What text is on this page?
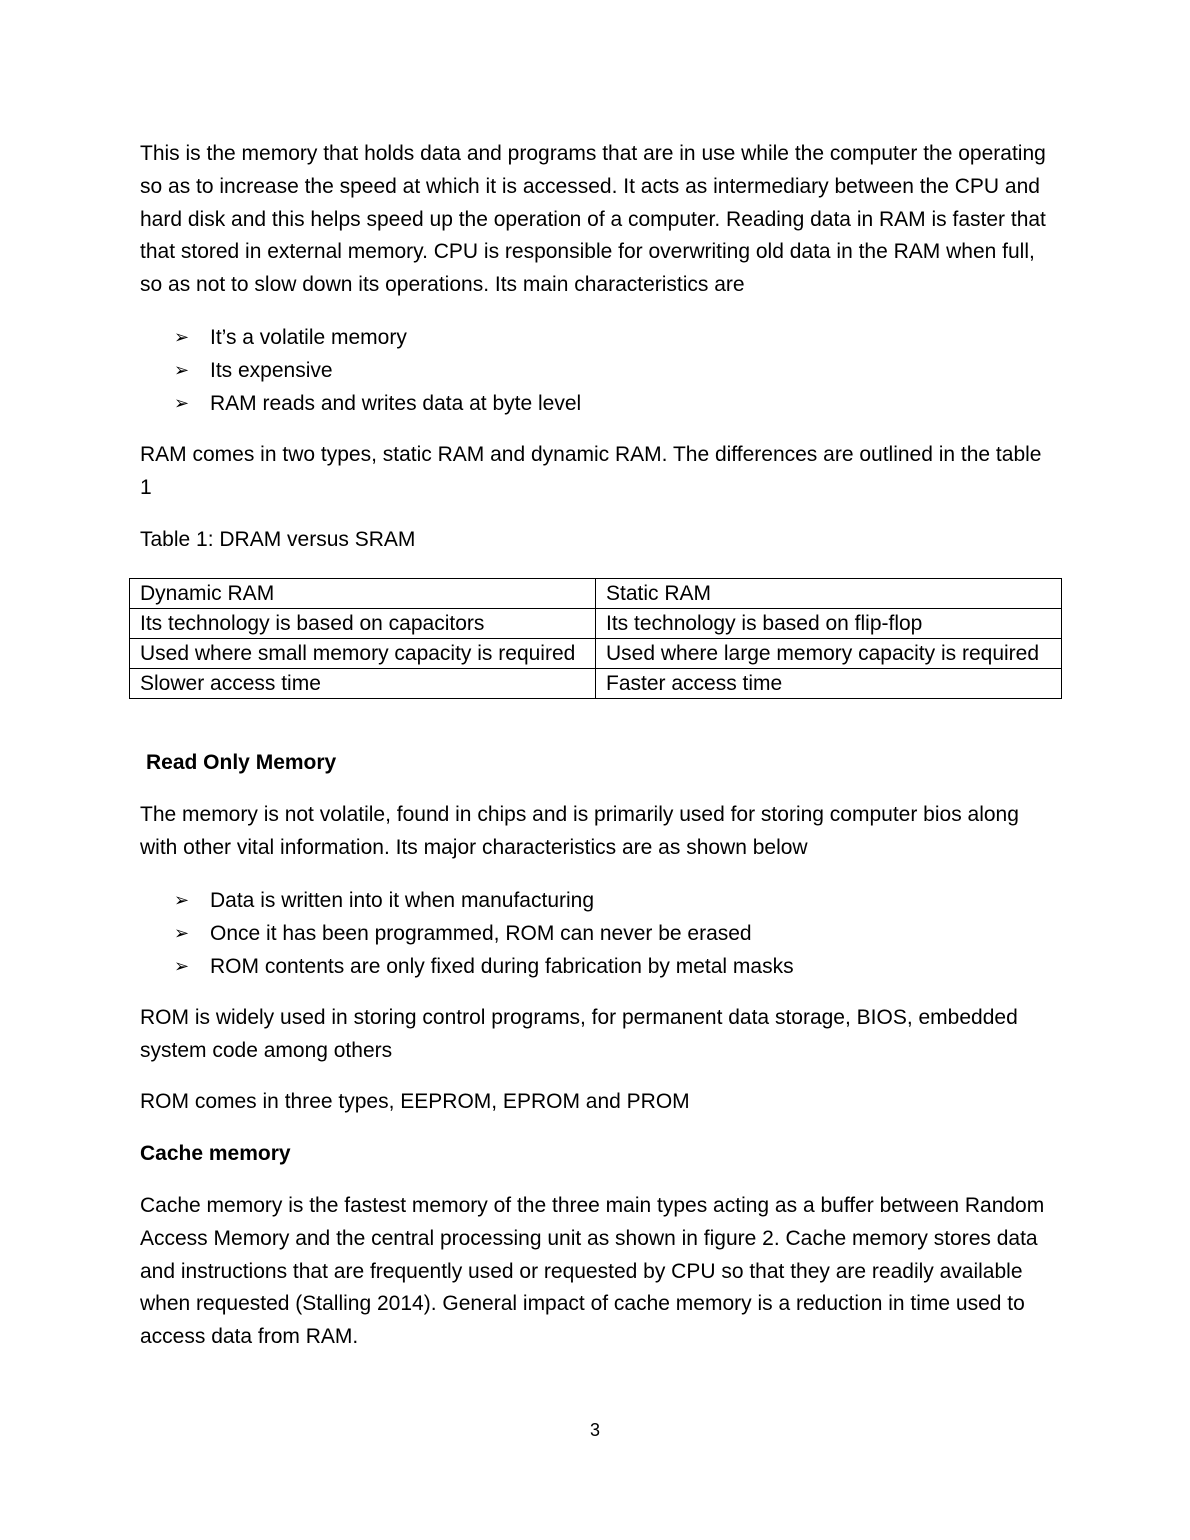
This is the memory that holds data and programs that are in use while the computer the operating so as to increase the speed at which it is accessed. It acts as intermediary between the CPU and hard disk and this helps speed up the operation of a computer. Reading data in RAM is faster that that stored in external memory. CPU is responsible for overwriting old data in the RAM when full, so as not to slow down its operations. Its main characteristics are

➢ It’s a volatile memory
➢ Its expensive
➢ RAM reads and writes data at byte level

RAM comes in two types, static RAM and dynamic RAM. The differences are outlined in the table 1

Table 1: DRAM versus SRAM

Dynamic RAM	Static RAM
Its technology is based on capacitors	Its technology is based on flip-flop
Used where small memory capacity is required	Used where large memory capacity is required
Slower access time	Faster access time
Read Only Memory

The memory is not volatile, found in chips and is primarily used for storing computer bios along with other vital information. Its major characteristics are as shown below

➢ Data is written into it when manufacturing
➢ Once it has been programmed, ROM can never be erased
➢ ROM contents are only fixed during fabrication by metal masks

ROM is widely used in storing control programs, for permanent data storage, BIOS, embedded system code among others

ROM comes in three types, EEPROM, EPROM and PROM

Cache memory

Cache memory is the fastest memory of the three main types acting as a buffer between Random Access Memory and the central processing unit as shown in figure 2. Cache memory stores data and instructions that are frequently used or requested by CPU so that they are readily available when requested (Stalling 2014). General impact of cache memory is a reduction in time used to access data from RAM.

3
